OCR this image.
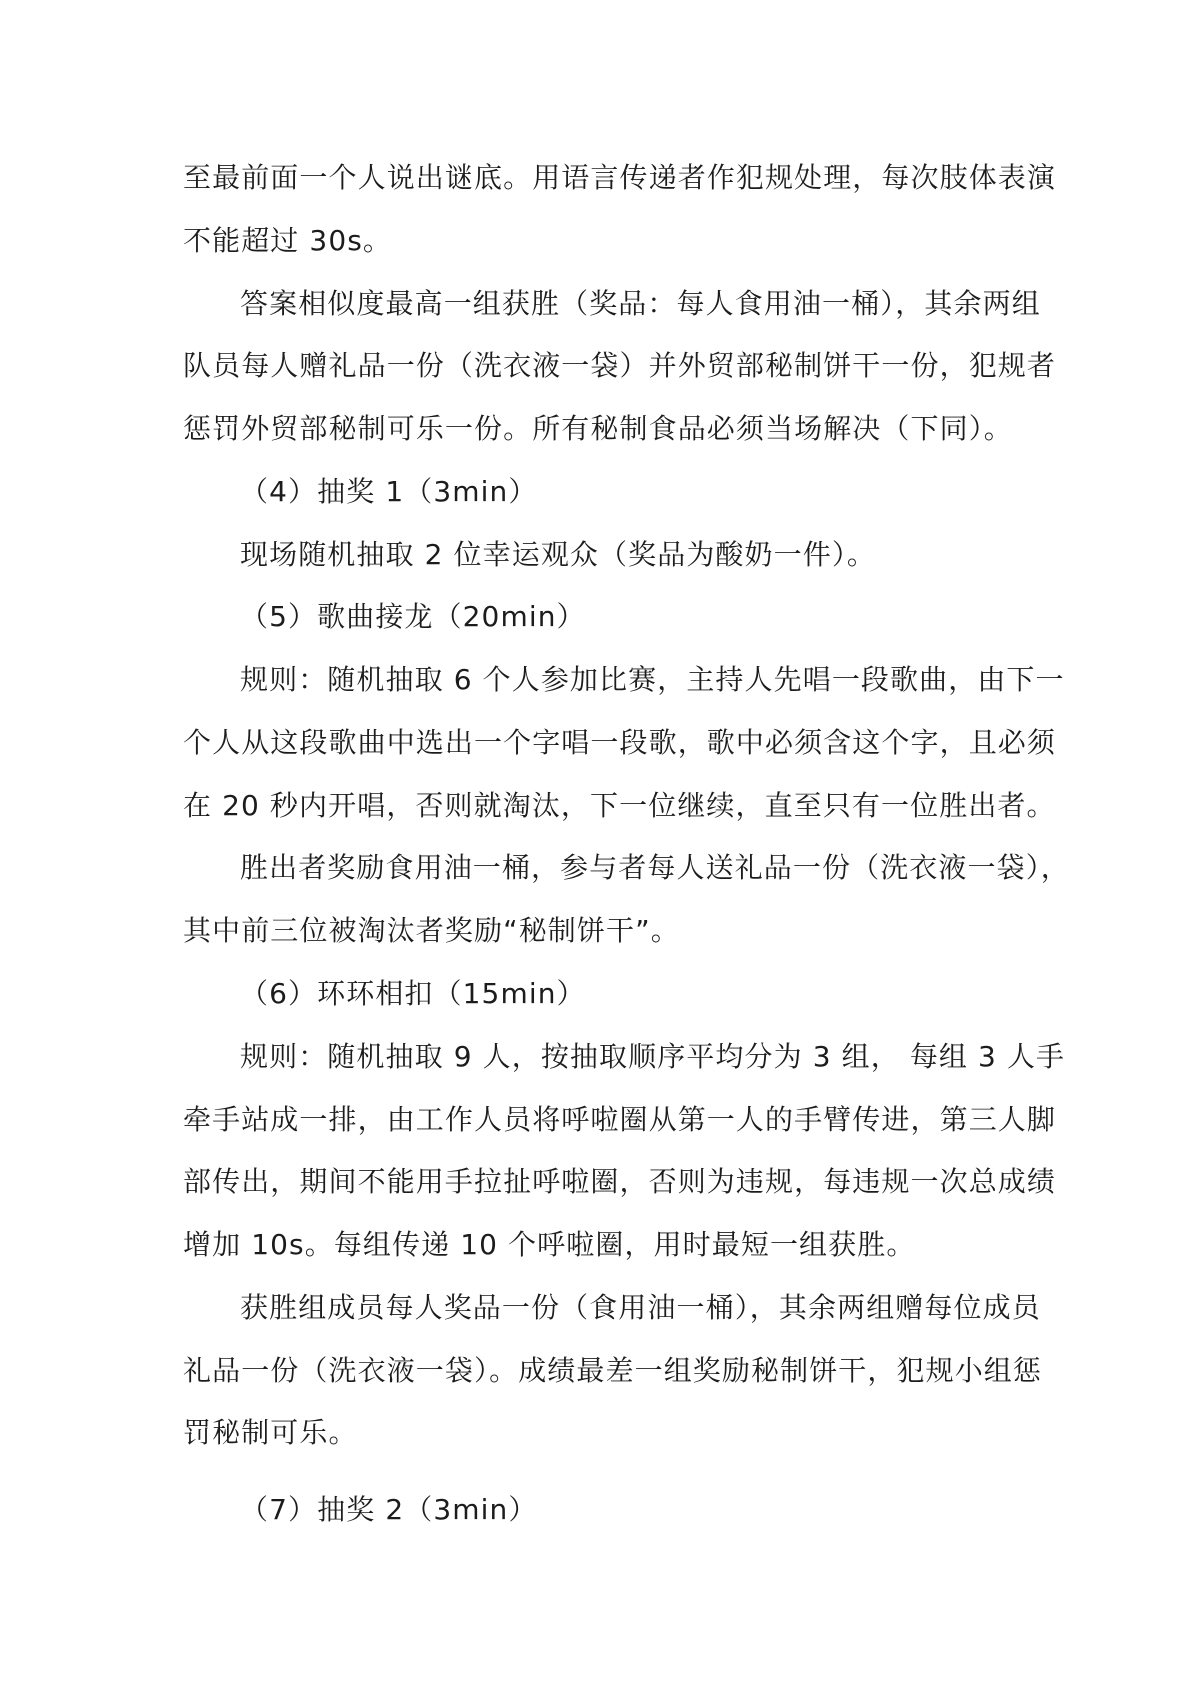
至最前面一个人说出谜底。用语言传递者作犯规处理，每次肢体表演
不能超过 30s。
答案相似度最高一组获胜（奖品：每人食用油一桶），其余两组
队员每人赠礼品一份（洗衣液一袋）并外贸部秘制饼干一份，犯规者
惩罚外贸部秘制可乐一份。所有秘制食品必须当场解决（下同）。
（4）抽奖 1（3min）
现场随机抽取 2 位幸运观众（奖品为酸奶一件）。
（5）歌曲接龙（20min）
规则：随机抽取 6 个人参加比赛，主持人先唱一段歌曲，由下一
个人从这段歌曲中选出一个字唱一段歌，歌中必须含这个字，且必须
在 20 秒内开唱，否则就淘汰，下一位继续，直至只有一位胜出者。
胜出者奖励食用油一桶，参与者每人送礼品一份（洗衣液一袋），
其中前三位被淘汰者奖励“秘制饼干”。
（6）环环相扣（15min）
规则：随机抽取 9 人，按抽取顺序平均分为 3 组， 每组 3 人手
牵手站成一排，由工作人员将呼啦圈从第一人的手臂传进，第三人脚
部传出，期间不能用手拉扯呼啦圈，否则为违规，每违规一次总成绩
增加 10s。每组传递 10 个呼啦圈，用时最短一组获胜。
获胜组成员每人奖品一份（食用油一桶），其余两组赠每位成员
礼品一份（洗衣液一袋）。成绩最差一组奖励秘制饼干，犯规小组惩
罚秘制可乐。
（7）抽奖 2（3min）
